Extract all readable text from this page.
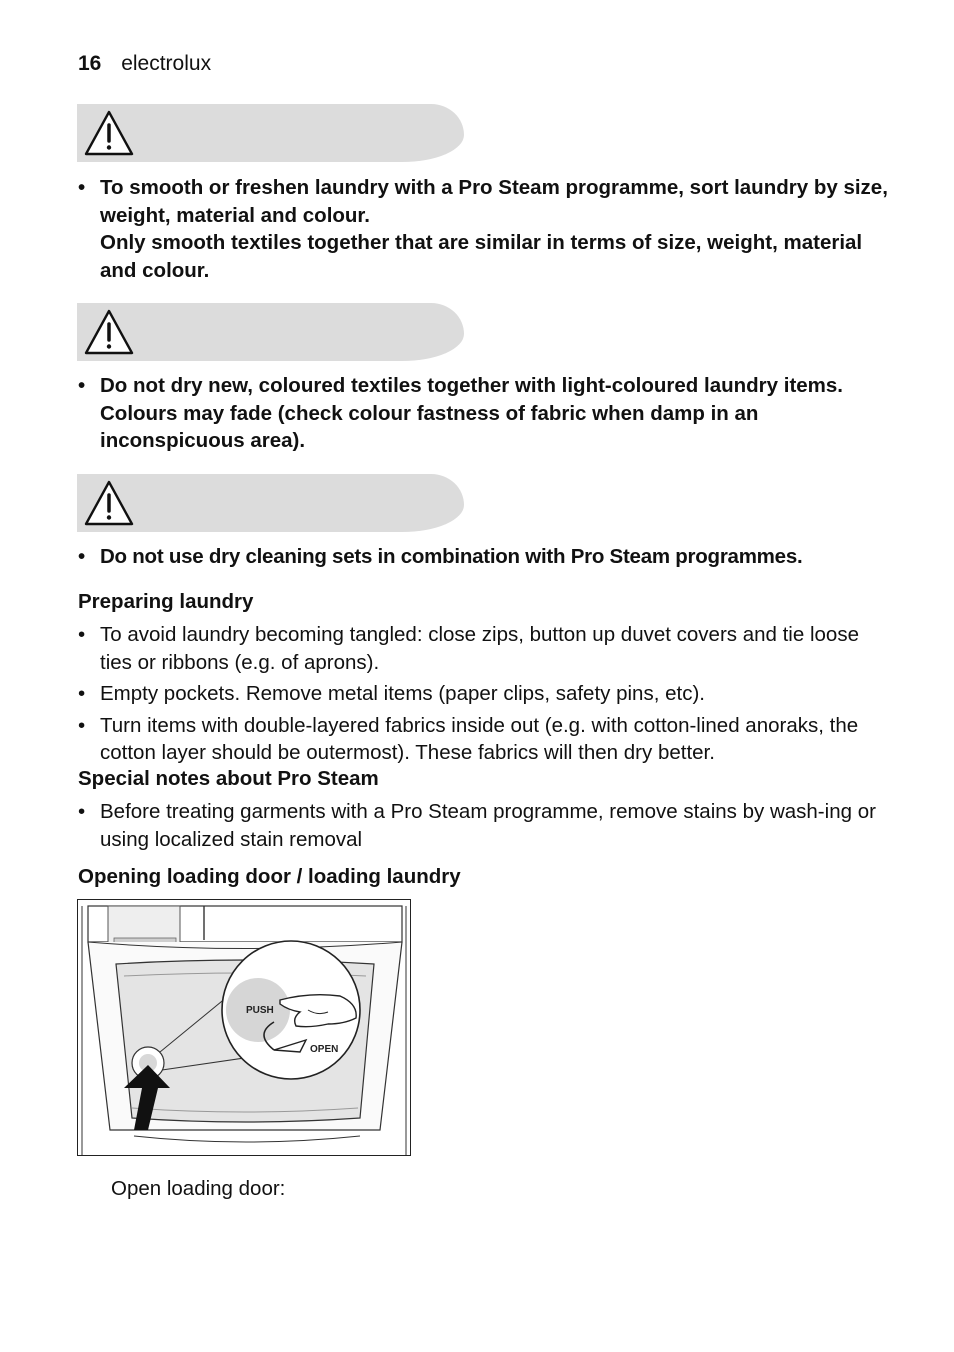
16 electrolux
• To smooth or freshen laundry with a Pro Steam programme, sort laundry by size, weight, material and colour.
Only smooth textiles together that are similar in terms of size, weight, material and colour.
• Do not dry new, coloured textiles together with light-coloured laundry items. Colours may fade (check colour fastness of fabric when damp in an inconspicuous area).
• Do not use dry cleaning sets in combination with Pro Steam programmes.
Preparing laundry
• To avoid laundry becoming tangled: close zips, button up duvet covers and tie loose ties or ribbons (e.g. of aprons).
• Empty pockets. Remove metal items (paper clips, safety pins, etc).
• Turn items with double-layered fabrics inside out (e.g. with cotton-lined anoraks, the cotton layer should be outermost). These fabrics will then dry better.
Special notes about Pro Steam
• Before treating garments with a Pro Steam programme, remove stains by wash-ing or using localized stain removal
Opening loading door / loading laundry
PUSH
OPEN
Open loading door:
